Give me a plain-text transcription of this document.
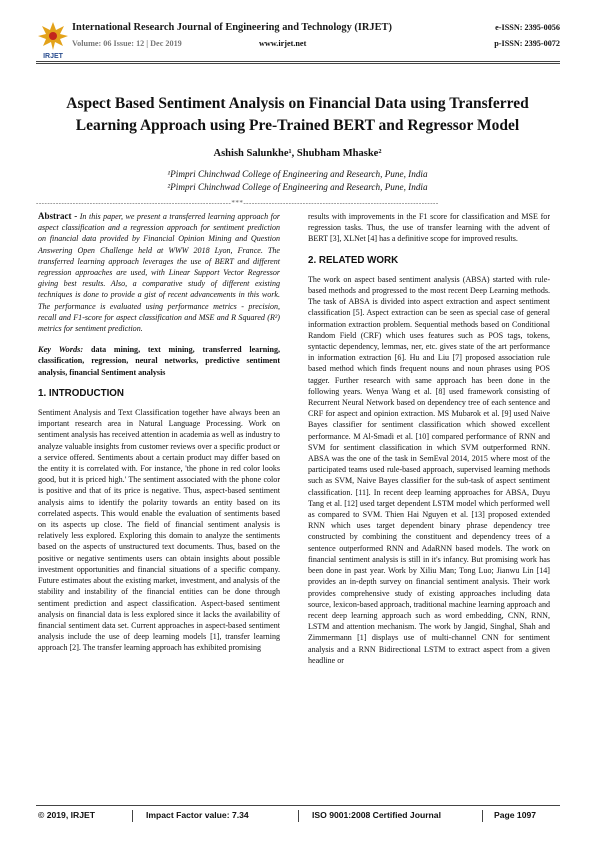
IRJET
International Research Journal of Engineering and Technology (IRJET)
Volume: 06 Issue: 12 | Dec 2019	www.irjet.net
e-ISSN: 2395-0056
p-ISSN: 2395-0072
Aspect Based Sentiment Analysis on Financial Data using Transferred Learning Approach using Pre-Trained BERT and Regressor Model
Ashish Salunkhe¹, Shubham Mhaske²
¹Pimpri Chinchwad College of Engineering and Research, Pune, India
²Pimpri Chinchwad College of Engineering and Research, Pune, India
---------------------------------------------------------------------***---------------------------------------------------------------------

Abstract - In this paper, we present a transferred learning approach for aspect classification and a regression approach for sentiment prediction on financial data provided by Financial Opinion Mining and Question Answering Open Challenge held at WWW 2018 Lyon, France. The transferred learning approach leverages the use of BERT and different regression approaches are used, with Linear Support Vector Regressor giving best results. Also, a comparative study of different existing techniques is done to provide a gist of recent advancements in this work. The performance is evaluated using performance metrics - precision, recall and F1-score for aspect classification and MSE and R Squared (R²) metrics for sentiment prediction.

Key Words: data mining, text mining, transferred learning, classification, regression, neural networks, predictive sentiment analysis, financial Sentiment analysis

1. INTRODUCTION

Sentiment Analysis and Text Classification together have always been an important research area in Natural Language Processing. Work on sentiment analysis has received attention in academia as well as industry to analyze valuable insights from customer reviews over a specific product or a service offered. Sentiments about a certain product may differ based on the entity it is correlated with. For instance, 'the phone in red color looks good, but it is priced high.' The sentiment associated with the phone color is positive and that of its price is negative. Thus, aspect-based sentiment analysis aims to identify the polarity towards an entity based on its correlated aspects. This would enable the evaluation of sentiments based on its aspects up close. The field of financial sentiment analysis is relatively less explored. Exploring this domain to analyze the sentiments based on the aspects of unstructured text documents. Thus, based on the positive or negative sentiments users can obtain insights about possible investment opportunities and financial situations of a specific company. Future estimates about the existing market, investment, and analysis of the stability and instability of the financial entities can be done through sentiment prediction and aspect classification. Aspect-based sentiment analysis on financial data is less explored since it lacks the availability of financial sentiment data set. Current approaches in aspect-based sentiment analysis include the use of deep learning models [1], transfer learning approach [2]. The transfer learning approach has exhibited promising

results with improvements in the F1 score for classification and MSE for regression tasks. Thus, the use of transfer learning with the advent of BERT [3], XLNet [4] has a definitive scope for improved results.

2. RELATED WORK

The work on aspect based sentiment analysis (ABSA) started with rule-based methods and progressed to the most recent Deep Learning methods. The task of ABSA is divided into aspect extraction and aspect sentiment classification [5]. Aspect extraction can be seen as special case of general information extraction problem. Sequential methods based on Conditional Random Field (CRF) which uses features such as POS tags, tokens, syntactic dependency, lemmas, ner, etc. gives state of the art performance in information extraction [6]. Hu and Liu [7] proposed association rule based method which finds frequent nouns and noun phrases using POS tagger. Further research with same approach has been done in the following years. Wenya Wang et al. [8] used framework consisting of Recurrent Neural Network based on dependency tree of each sentence and CRF for aspect and opinion extraction. MS Mubarok et al. [9] used Naive Bayes classifier for sentiment classification which showed excellent performance. M Al-Smadi et al. [10] compared performance of RNN and SVM for sentiment classification in which SVM outperformed RNN. ABSA was the one of the task in SemEval 2014, 2015 where most of the participated teams used rule-based approach, supervised learning methods such as SVM, Naive Bayes classifier for the sub-task of aspect sentiment classification. [11]. In recent deep learning approaches for ABSA, Duyu Tang et al. [12] used target dependent LSTM model which performed well as compared to SVM. Thien Hai Nguyen et al. [13] proposed extended RNN which uses target dependent binary phrase dependency tree constructed by combining the constituent and dependency trees of a sentence outperformed RNN and AdaRNN based models. The work on financial sentiment analysis is still in it's infancy. But promising work has been done in past year. Work by Xiliu Man; Tong Luo; Jianwu Lin [14] provides an in-depth survey on financial sentiment analysis. Their work provides comprehensive study of existing approaches including data source, lexicon-based approach, traditional machine learning approach and recent deep learning approach such as word embedding, CNN, RNN, LSTM and attention mechanism. The work by Jangid, Singhal, Shah and Zimmermann [1] displays use of multi-channel CNN for sentiment analysis and a RNN Bidirectional LSTM to extract aspect from a given headline or

© 2019, IRJET	Impact Factor value: 7.34	ISO 9001:2008 Certified Journal	Page 1097
